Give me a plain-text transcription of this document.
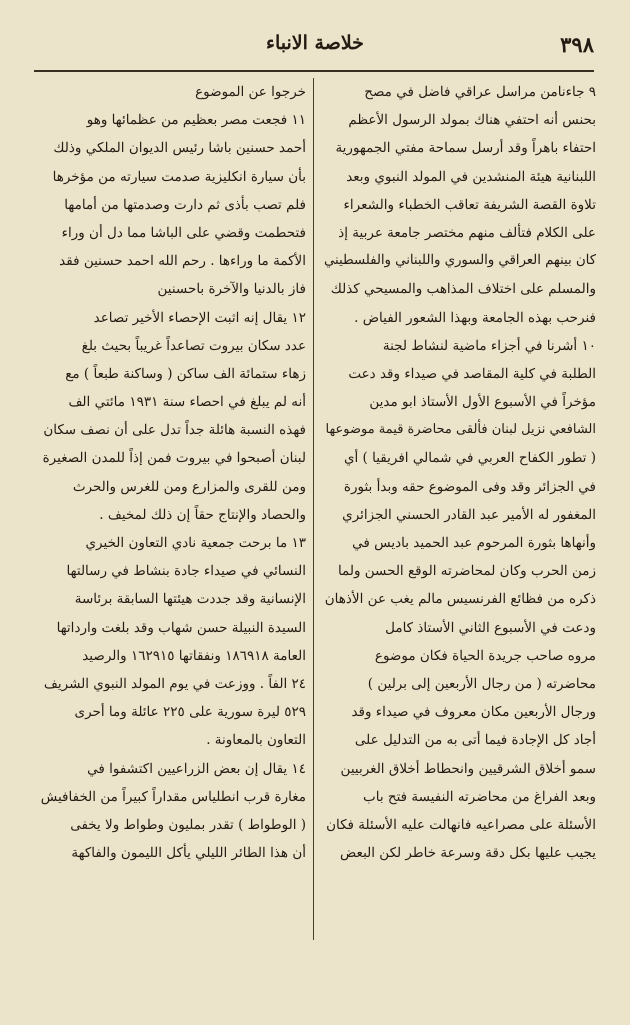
٣٩٨
خلاصة الانباء
٩ جاءنامن مراسل عراقي فاضل في مصح
بحنس أنه احتفي هناك بمولد الرسول الأعظم
احتفاء باهراً وقد أرسل سماحة مفتي الجمهورية
اللبنانية هيئة المنشدين في المولد النبوي وبعد
تلاوة القصة الشريفة تعاقب الخطباء والشعراء
على الكلام فتألف منهم مختصر جامعة عربية إذ
كان بينهم العراقي والسوري واللبناني والفلسطيني
والمسلم على اختلاف المذاهب والمسيحي كذلك
فنرحب بهذه الجامعة وبهذا الشعور الفياض .
١٠ أشرنا في أجزاء ماضية لنشاط لجنة
الطلبة في كلية المقاصد في صيداء وقد دعت
مؤخراً في الأسبوع الأول الأستاذ ابو مدين
الشافعي نزيل لبنان فألقى محاضرة قيمة موضوعها
( تطور الكفاح العربي في شمالي افريقيا ) أي
في الجزائر وقد وفى الموضوع حقه وبدأ بثورة
المغفور له الأمير عبد القادر الحسني الجزائري
وأنهاها بثورة المرحوم عبد الحميد باديس في
زمن الحرب وكان لمحاضرته الوقع الحسن ولما
ذكره من فظائع الفرنسيس مالم يغب عن الأذهان
ودعت في الأسبوع الثاني الأستاذ كامل
مروه صاحب جريدة الحياة فكان موضوع
محاضرته ( من رجال الأربعين إلى برلين )
ورجال الأربعين مكان معروف في صيداء وقد
أجاد كل الإجادة فيما أتى به من التدليل على
سمو أخلاق الشرقيين وانحطاط أخلاق الغربيين
وبعد الفراغ من محاضرته النفيسة فتح باب
الأسئلة على مصراعيه فانهالت عليه الأسئلة فكان
يجيب عليها بكل دقة وسرعة خاطر لكن البعض
خرجوا عن الموضوع
١١ فجعت مصر بعظيم من عظمائها وهو
أحمد حسنين باشا رئيس الديوان الملكي وذلك
بأن سيارة انكليزية صدمت سيارته من مؤخرها
فلم تصب بأذى ثم دارت وصدمتها من أمامها
فتحطمت وقضي على الباشا مما دل أن وراء
الأكمة ما وراءها . رحم الله احمد حسنين فقد
فاز بالدنيا والآخرة باحسنين
١٢ يقال إنه اثبت الإحصاء الأخير تصاعد
عدد سكان بيروت تصاعداً غريباً بحيث بلغ
زهاء ستمائة الف ساكن ( وساكنة طبعاً ) مع
أنه لم يبلغ في احصاء سنة ١٩٣١ مائتي الف
فهذه النسبة هائلة جداً تدل على أن نصف سكان
لبنان أصبحوا في بيروت فمن إذاً للمدن الصغيرة
ومن للقرى والمزارع ومن للغرس والحرث
والحصاد والإنتاج حقاً إن ذلك لمخيف .
١٣ ما برحت جمعية نادي التعاون الخيري
النسائي في صيداء جادة بنشاط في رسالتها
الإنسانية وقد جددت هيئتها السابقة برئاسة
السيدة النبيلة حسن شهاب وقد بلغت وارداتها
العامة ١٨٦٩١٨ ونفقاتها ١٦٢٩١٥ والرصيد
٢٤ الفاً . ووزعت في يوم المولد النبوي الشريف
٥٢٩ ليرة سورية على ٢٢٥ عائلة وما أحرى
التعاون بالمعاونة .
١٤ يقال إن بعض الزراعيين اكتشفوا في
مغارة قرب انطلياس مقداراً كبيراً من الخفافيش
( الوطواط ) تقدر بمليون وطواط ولا يخفى
أن هذا الطائر الليلي يأكل الليمون والفاكهة
